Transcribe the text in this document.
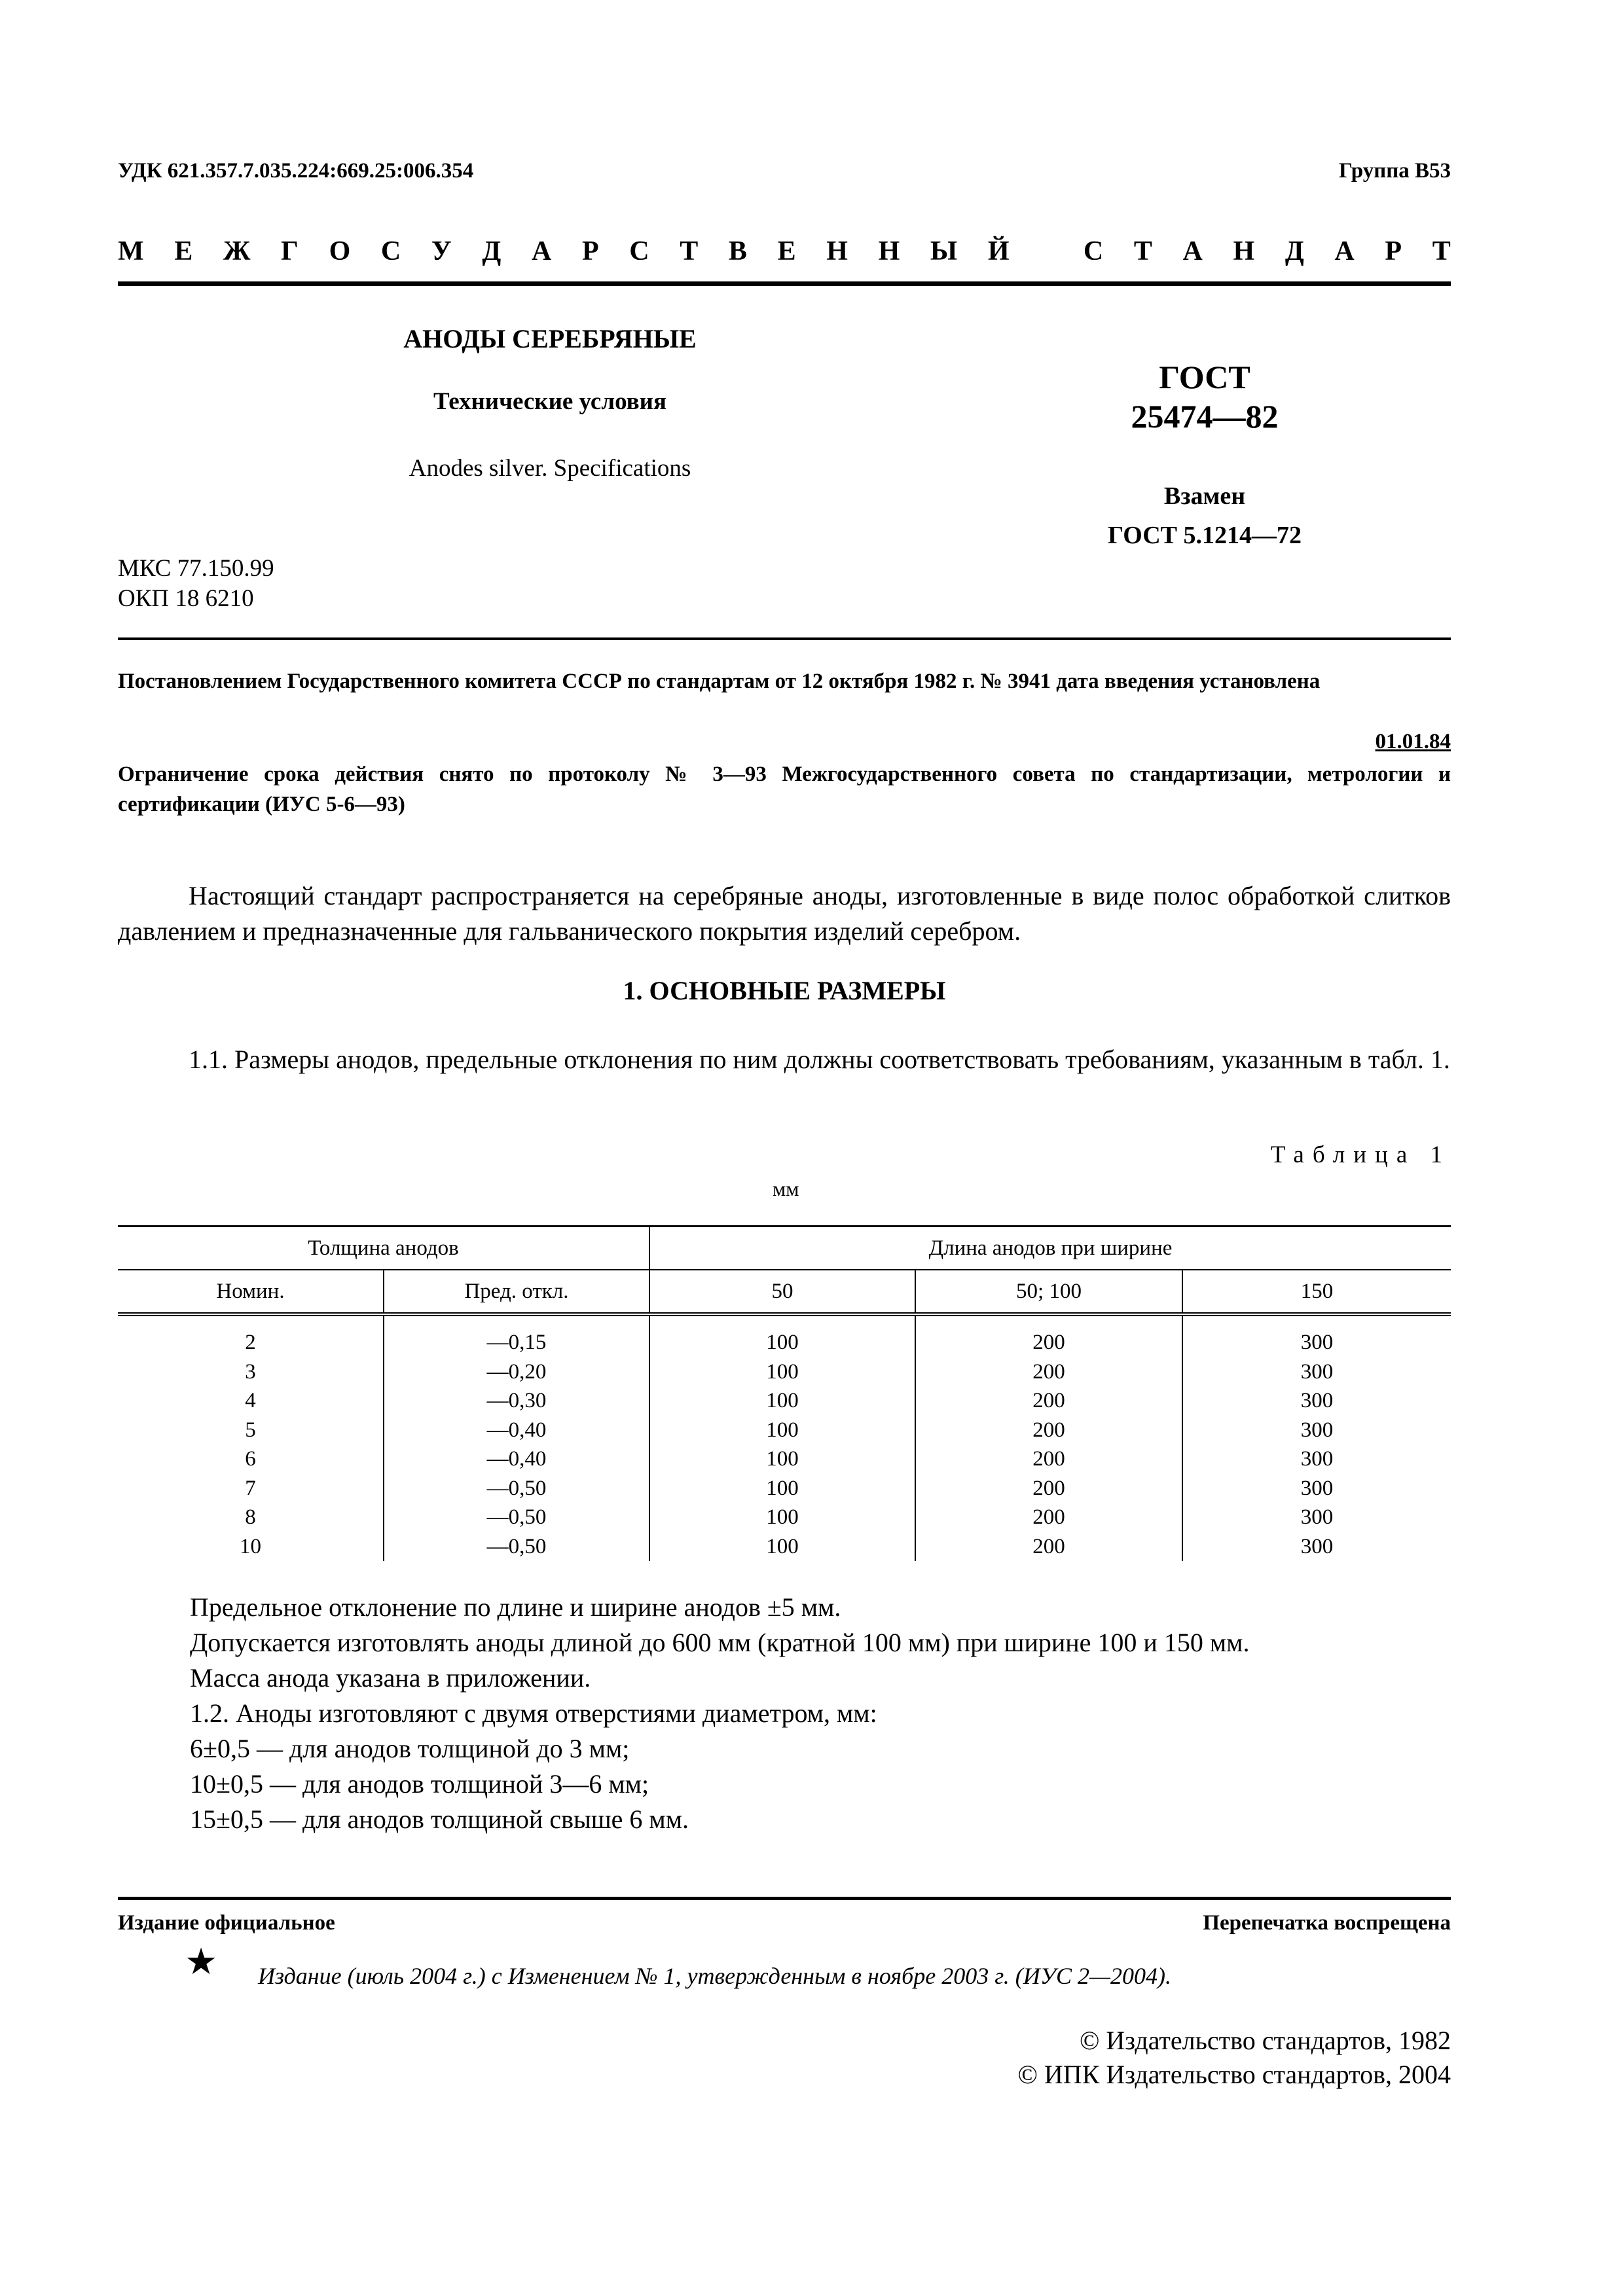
УДК 621.357.7.035.224:669.25:006.354	Группа В53
М Е Ж Г О С У Д А Р С Т В Е Н Н Ы Й	С Т А Н Д А Р Т
АНОДЫ СЕРЕБРЯНЫЕ
Технические условия
Anodes silver. Specifications
ГОСТ
25474—82
Взамен
ГОСТ 5.1214—72
МКС 77.150.99
ОКП 18 6210
Постановлением Государственного комитета СССР по стандартам от 12 октября 1982 г. № 3941 дата введения установлена
01.01.84
Ограничение срока действия снято по протоколу № 3—93 Межгосударственного совета по стандартизации, метрологии и сертификации (ИУС 5-6—93)
Настоящий стандарт распространяется на серебряные аноды, изготовленные в виде полос обработкой слитков давлением и предназначенные для гальванического покрытия изделий серебром.
1. ОСНОВНЫЕ РАЗМЕРЫ
1.1. Размеры анодов, предельные отклонения по ним должны соответствовать требованиям, указанным в табл. 1.
Таблица 1
мм
Толщина анодов		Длина анодов при ширине		
Номин.	Пред. откл.	50	50; 100	150
2	—0,15	100	200	300
3	—0,20	100	200	300
4	—0,30	100	200	300
5	—0,40	100	200	300
6	—0,40	100	200	300
7	—0,50	100	200	300
8	—0,50	100	200	300
10	—0,50	100	200	300
Предельное отклонение по длине и ширине анодов ±5 мм.
Допускается изготовлять аноды длиной до 600 мм (кратной 100 мм) при ширине 100 и 150 мм.
Масса анода указана в приложении.
1.2. Аноды изготовляют с двумя отверстиями диаметром, мм:
6±0,5 — для анодов толщиной до 3 мм;
10±0,5 — для анодов толщиной 3—6 мм;
15±0,5 — для анодов толщиной свыше 6 мм.
Издание официальное	Перепечатка воспрещена
★ Издание (июль 2004 г.) с Изменением № 1, утвержденным в ноябре 2003 г. (ИУС 2—2004).
© Издательство стандартов, 1982
© ИПК Издательство стандартов, 2004
